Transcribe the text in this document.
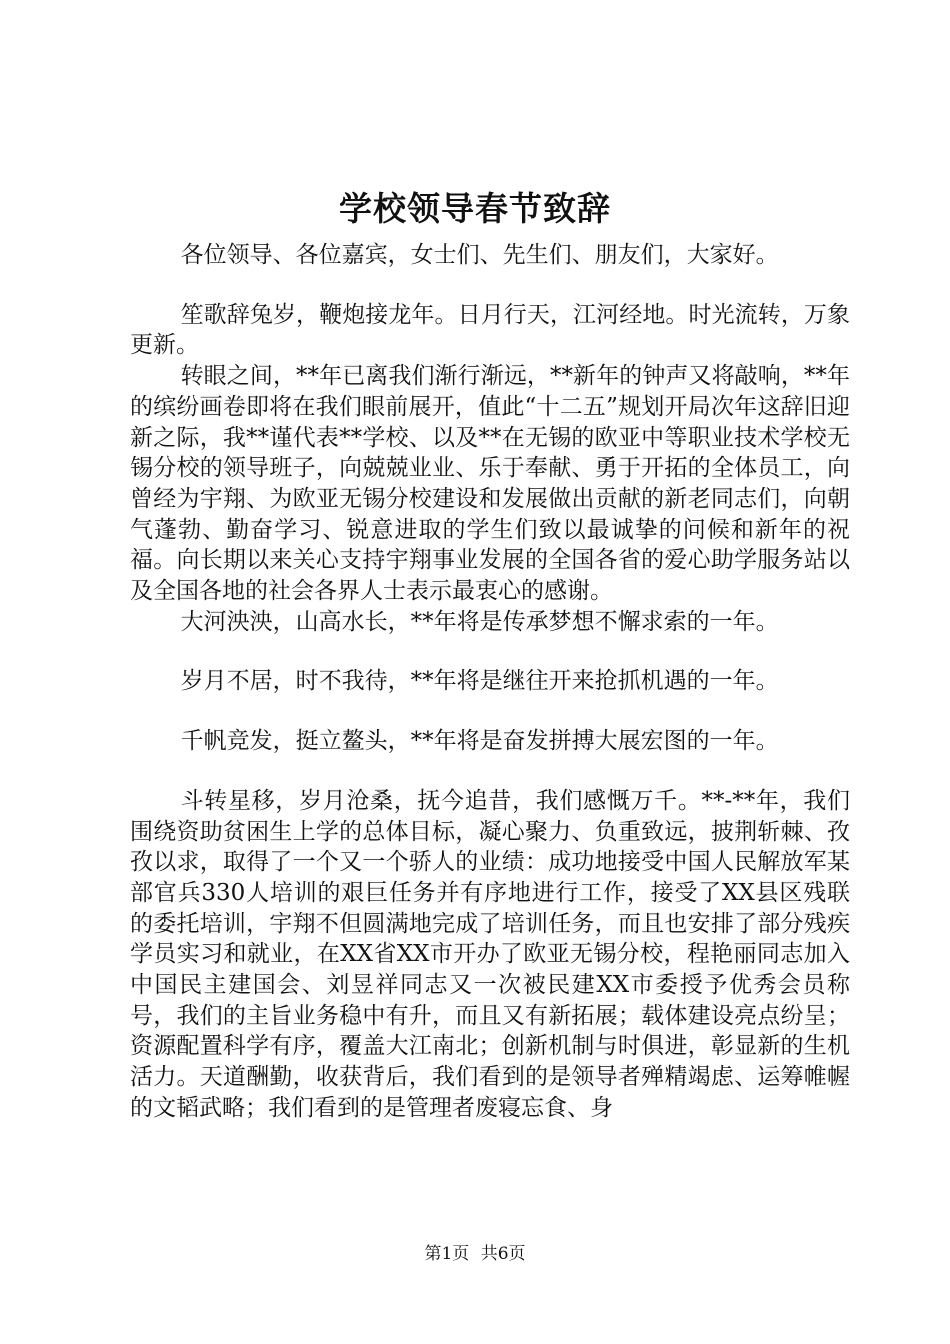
学校领导春节致辞

各位领导、各位嘉宾，女士们、先生们、朋友们，大家好。

笙歌辞兔岁，鞭炮接龙年。日月行天，江河经地。时光流转，万象更新。

转眼之间，**年已离我们渐行渐远，**新年的钟声又将敲响，**年的缤纷画卷即将在我们眼前展开，值此“十二五”规划开局次年这辞旧迎新之际，我**谨代表**学校、以及**在无锡的欧亚中等职业技术学校无锡分校的领导班子，向兢兢业业、乐于奉献、勇于开拓的全体员工，向曾经为宇翔、为欧亚无锡分校建设和发展做出贡献的新老同志们，向朝气蓬勃、勤奋学习、锐意进取的学生们致以最诚挚的问候和新年的祝福。向长期以来关心支持宇翔事业发展的全国各省的爱心助学服务站以及全国各地的社会各界人士表示最衷心的感谢。

大河泱泱，山高水长，**年将是传承梦想不懈求索的一年。

岁月不居，时不我待，**年将是继往开来抢抓机遇的一年。

千帆竞发，挺立鳌头，**年将是奋发拼搏大展宏图的一年。

斗转星移，岁月沧桑，抚今追昔，我们感慨万千。**-**年，我们围绕资助贫困生上学的总体目标，凝心聚力、负重致远，披荆斩棘、孜孜以求，取得了一个又一个骄人的业绩：成功地接受中国人民解放军某部官兵330人培训的艰巨任务并有序地进行工作，接受了XX县区残联的委托培训，宇翔不但圆满地完成了培训任务，而且也安排了部分残疾学员实习和就业，在XX省XX市开办了欧亚无锡分校，程艳丽同志加入中国民主建国会、刘昱祥同志又一次被民建XX市委授予优秀会员称号，我们的主旨业务稳中有升，而且又有新拓展；载体建设亮点纷呈；资源配置科学有序，覆盖大江南北；创新机制与时俱进，彰显新的生机活力。天道酬勤，收获背后，我们看到的是领导者殚精竭虑、运筹帷幄的文韬武略；我们看到的是管理者废寝忘食、身

第1页 共6页
